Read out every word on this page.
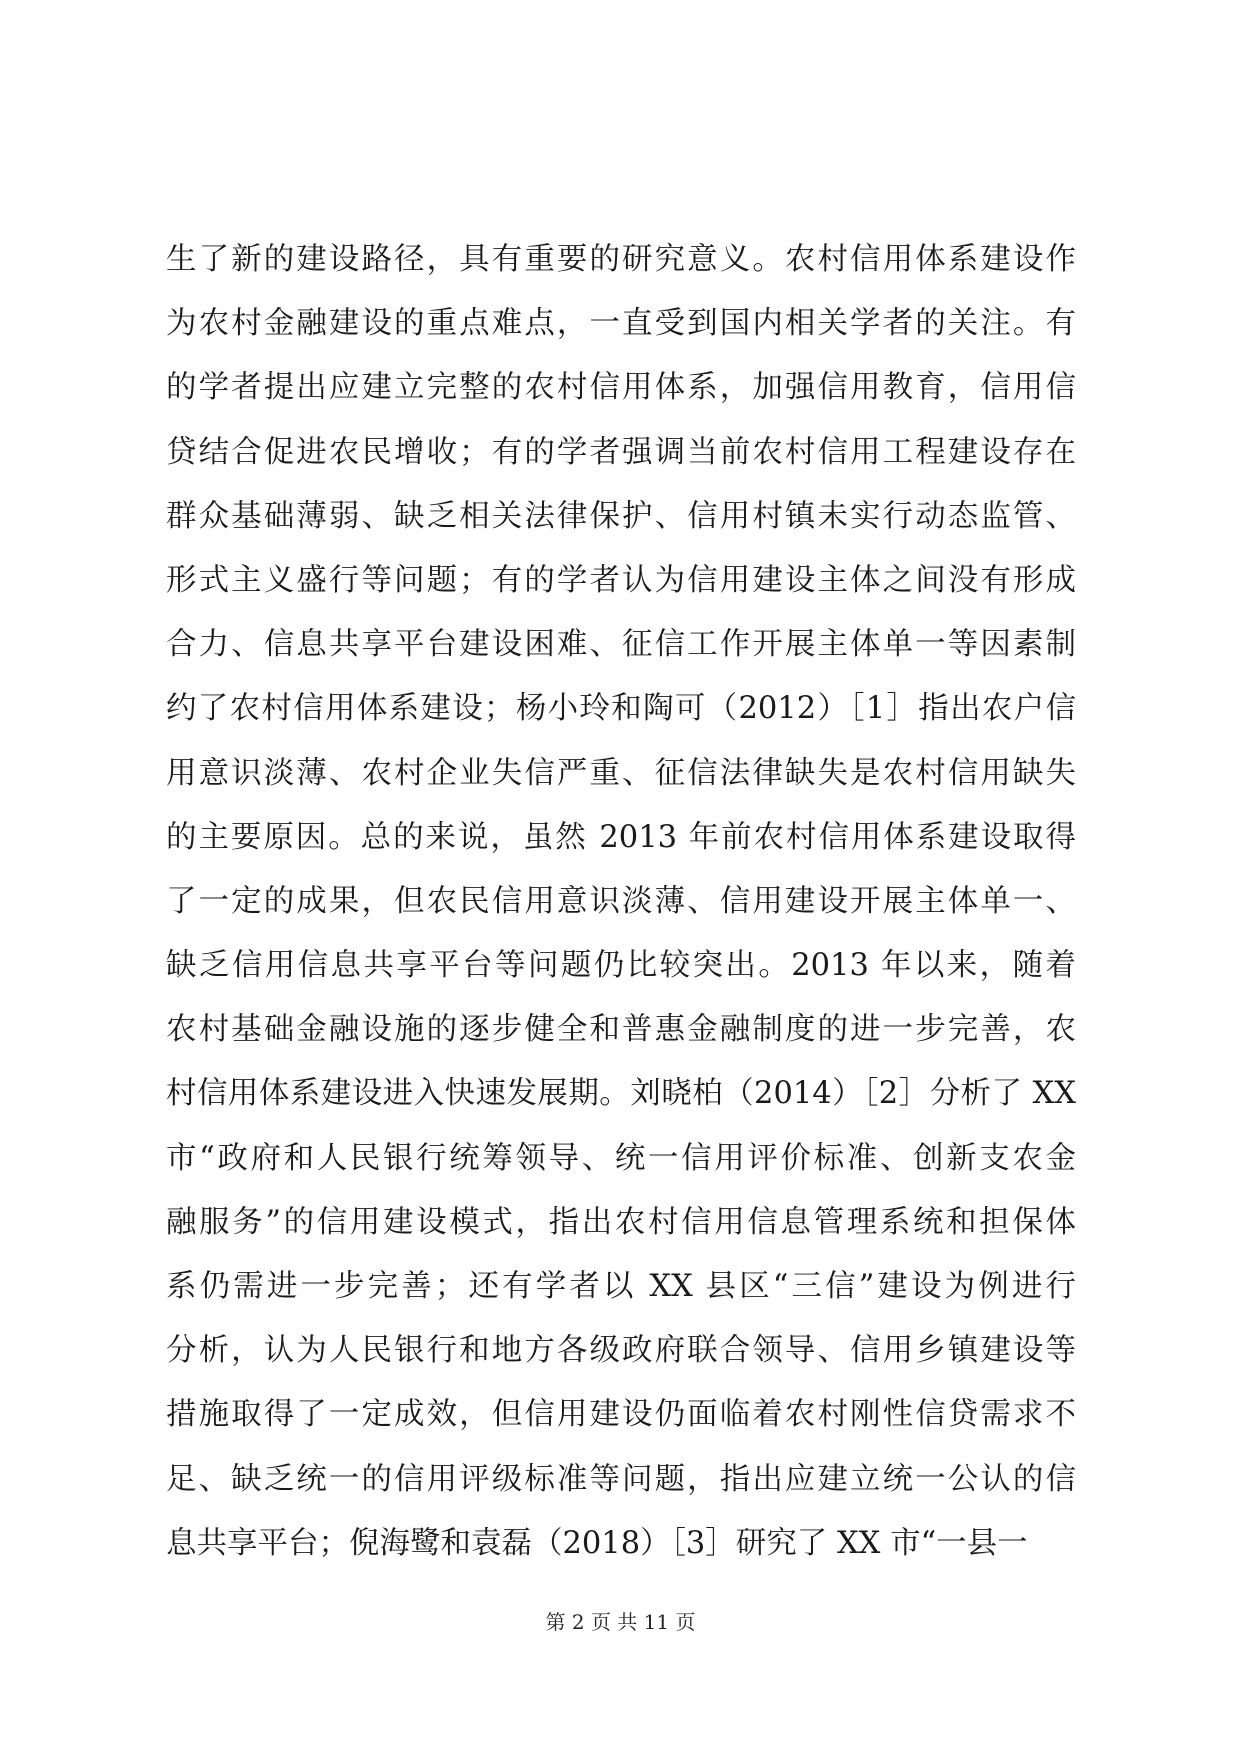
生了新的建设路径，具有重要的研究意义。农村信用体系建设作
为农村金融建设的重点难点，一直受到国内相关学者的关注。有
的学者提出应建立完整的农村信用体系，加强信用教育，信用信
贷结合促进农民增收；有的学者强调当前农村信用工程建设存在
群众基础薄弱、缺乏相关法律保护、信用村镇未实行动态监管、
形式主义盛行等问题；有的学者认为信用建设主体之间没有形成
合力、信息共享平台建设困难、征信工作开展主体单一等因素制
约了农村信用体系建设；杨小玲和陶可（2012）［1］指出农户信
用意识淡薄、农村企业失信严重、征信法律缺失是农村信用缺失
的主要原因。总的来说，虽然 2013 年前农村信用体系建设取得
了一定的成果，但农民信用意识淡薄、信用建设开展主体单一、
缺乏信用信息共享平台等问题仍比较突出。2013 年以来，随着
农村基础金融设施的逐步健全和普惠金融制度的进一步完善，农
村信用体系建设进入快速发展期。刘晓柏（2014）［2］分析了 XX
市“政府和人民银行统筹领导、统一信用评价标准、创新支农金
融服务”的信用建设模式，指出农村信用信息管理系统和担保体
系仍需进一步完善；还有学者以 XX 县区“三信”建设为例进行
分析，认为人民银行和地方各级政府联合领导、信用乡镇建设等
措施取得了一定成效，但信用建设仍面临着农村刚性信贷需求不
足、缺乏统一的信用评级标准等问题，指出应建立统一公认的信
息共享平台；倪海鹭和袁磊（2018）［3］研究了 XX 市“一县一
第 2 页 共 11 页
